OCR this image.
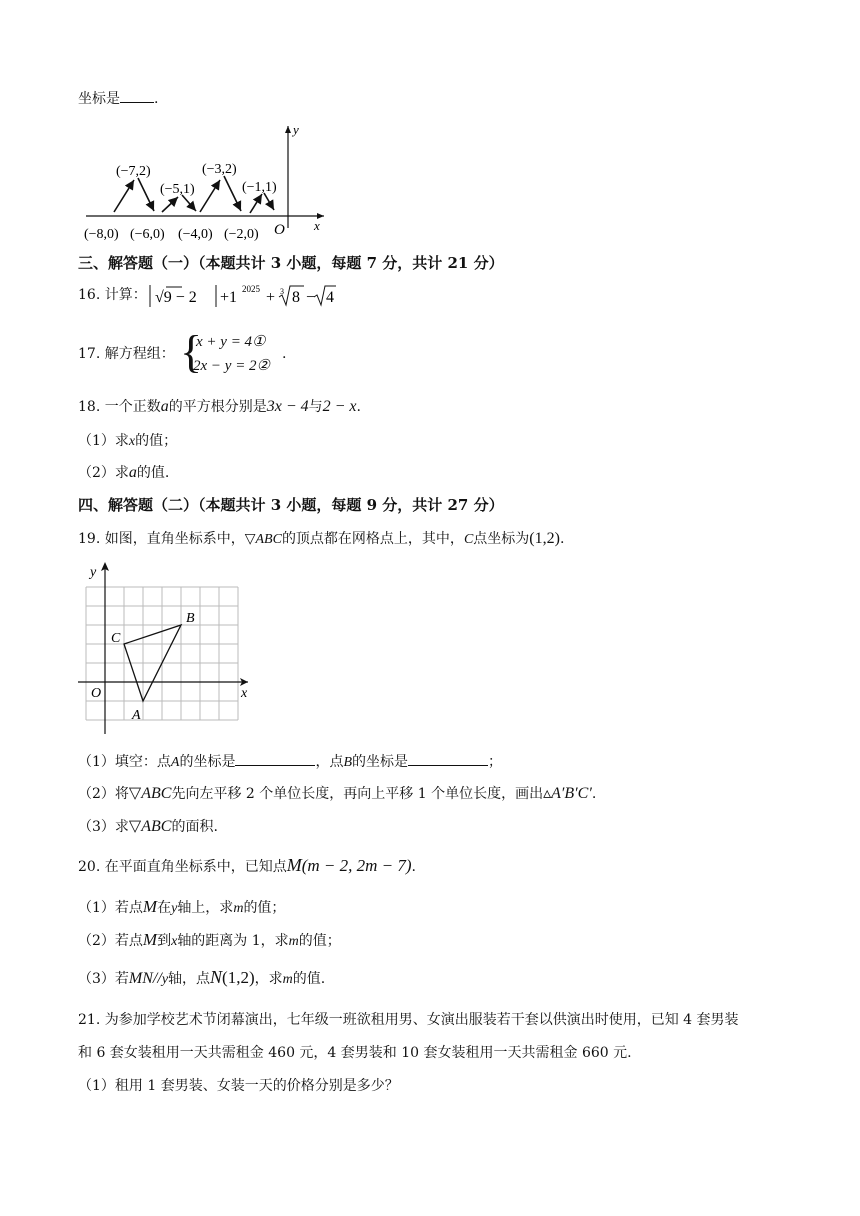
坐标是 .
(−7,2)
(−5,1)
(−3,2)
(−1,1)
(−8,0) (−6,0) (−4,0) (−2,0) O x
y
三、解答题（一）（本题共计 3 小题，每题 7 分，共计 21 分）
16. 计算： √9 − 2 +1 2025 + 3 8 − 4
17. 解方程组： {
x + y = 4①
2x − y = 2②
.
18. 一个正数a的平方根分别是3x − 4与2 − x.
（1）求x的值；
（2）求a的值.
四、解答题（二）（本题共计 3 小题，每题 9 分，共计 27 分）
19. 如图，直角坐标系中，▽ABC的顶点都在网格点上，其中，C点坐标为(1,2).
y
x
O
A
B
C
（1）填空：点A的坐标是	，点B的坐标是	；
（2）将▽ABC先向左平移 2 个单位长度，再向上平移 1 个单位长度，画出▵A′B′C′.
（3）求▽ABC的面积.
20. 在平面直角坐标系中，已知点M(m − 2, 2m − 7).
（1）若点M在y轴上，求m的值；
（2）若点M到x轴的距离为 1，求m的值；
（3）若MN//y轴，点N(1,2)，求m的值.
21. 为参加学校艺术节闭幕演出，七年级一班欲租用男、女演出服装若干套以供演出时使用，已知 4 套男装
和 6 套女装租用一天共需租金 460 元，4 套男装和 10 套女装租用一天共需租金 660 元.
（1）租用 1 套男装、女装一天的价格分别是多少？
